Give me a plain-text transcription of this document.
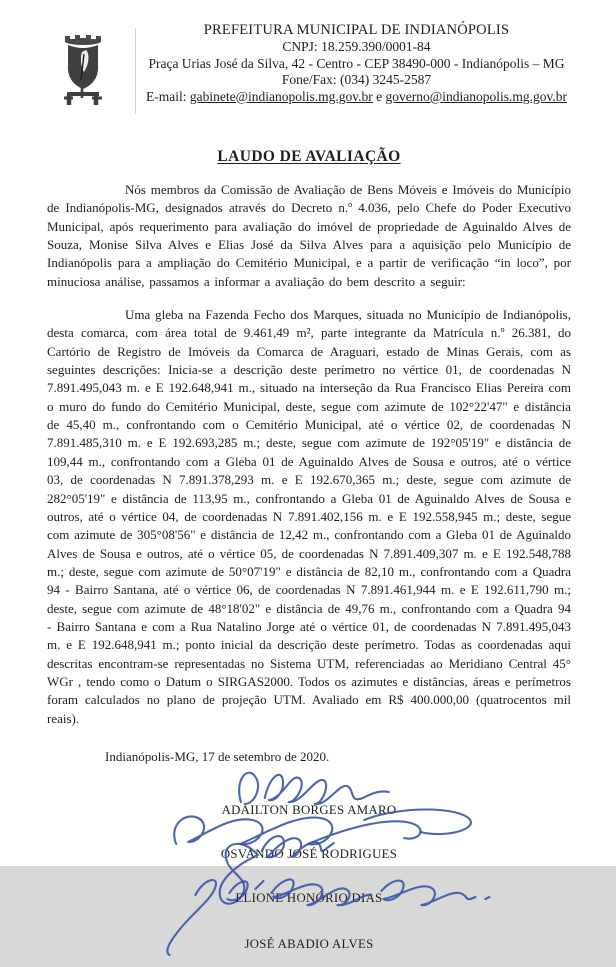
PREFEITURA MUNICIPAL DE INDIANÓPOLIS
CNPJ: 18.259.390/0001-84
Praça Urias José da Silva, 42 - Centro - CEP 38490-000 - Indianópolis – MG
Fone/Fax: (034) 3245-2587
E-mail: gabinete@indianopolis.mg.gov.br e governo@indianopolis.mg.gov.br
LAUDO DE AVALIAÇÃO

Nós membros da Comissão de Avaliação de Bens Móveis e Imóveis do Município de Indianópolis-MG, designados através do Decreto n.º 4.036, pelo Chefe do Poder Executivo Municipal, após requerimento para avaliação do imóvel de propriedade de Aguinaldo Alves de Souza, Monise Silva Alves e Elias José da Silva Alves para a aquisição pelo Município de Indianópolis para a ampliação do Cemitério Municipal, e a partir de verificação “in loco”, por minuciosa análise, passamos a informar a avaliação do bem descrito a seguir:

Uma gleba na Fazenda Fecho dos Marques, situada no Município de Indianópolis, desta comarca, com área total de 9.461,49 m², parte integrante da Matrícula n.º 26.381, do Cartório de Registro de Imóveis da Comarca de Araguari, estado de Minas Gerais, com as seguintes descrições: Inicia-se a descrição deste perímetro no vértice 01, de coordenadas N 7.891.495,043 m. e E 192.648,941 m., situado na interseção da Rua Francisco Elias Pereira com o muro do fundo do Cemitério Municipal, deste, segue com azimute de 102°22'47" e distância de 45,40 m., confrontando com o Cemitério Municipal, até o vértice 02, de coordenadas N 7.891.485,310 m. e E 192.693,285 m.; deste, segue com azimute de 192°05'19" e distância de 109,44 m., confrontando com a Gleba 01 de Aguinaldo Alves de Sousa e outros, até o vértice 03, de coordenadas N 7.891.378,293 m. e E 192.670,365 m.; deste, segue com azimute de 282°05'19" e distância de 113,95 m., confrontando a Gleba 01 de Aguinaldo Alves de Sousa e outros, até o vértice 04, de coordenadas N 7.891.402,156 m. e E 192.558,945 m.; deste, segue com azimute de 305°08'56" e distância de 12,42 m., confrontando com a Gleba 01 de Aguinaldo Alves de Sousa e outros, até o vértice 05, de coordenadas N 7.891.409,307 m. e E 192.548,788 m.; deste, segue com azimute de 50°07'19" e distância de 82,10 m., confrontando com a Quadra 94 - Bairro Santana, até o vértice 06, de coordenadas N 7.891.461,944 m. e E 192.611,790 m.; deste, segue com azimute de 48°18'02" e distância de 49,76 m., confrontando com a Quadra 94 - Bairro Santana e com a Rua Natalino Jorge até o vértice 01, de coordenadas N 7.891.495,043 m. e E 192.648,941 m.; ponto inicial da descrição deste perímetro. Todas as coordenadas aqui descritas encontram-se representadas no Sistema UTM, referenciadas ao Meridiano Central 45° WGr , tendo como o Datum o SIRGAS2000. Todos os azimutes e distâncias, áreas e perímetros foram calculados no plano de projeção UTM. Avaliado em R$ 400.000,00 (quatrocentos mil reais).

Indianópolis-MG, 17 de setembro de 2020.

ADAILTON BORGES AMARO
OSVANDO JOSÉ RODRIGUES
ELIONE HONÓRIO DIAS
JOSÉ ABADIO ALVES
